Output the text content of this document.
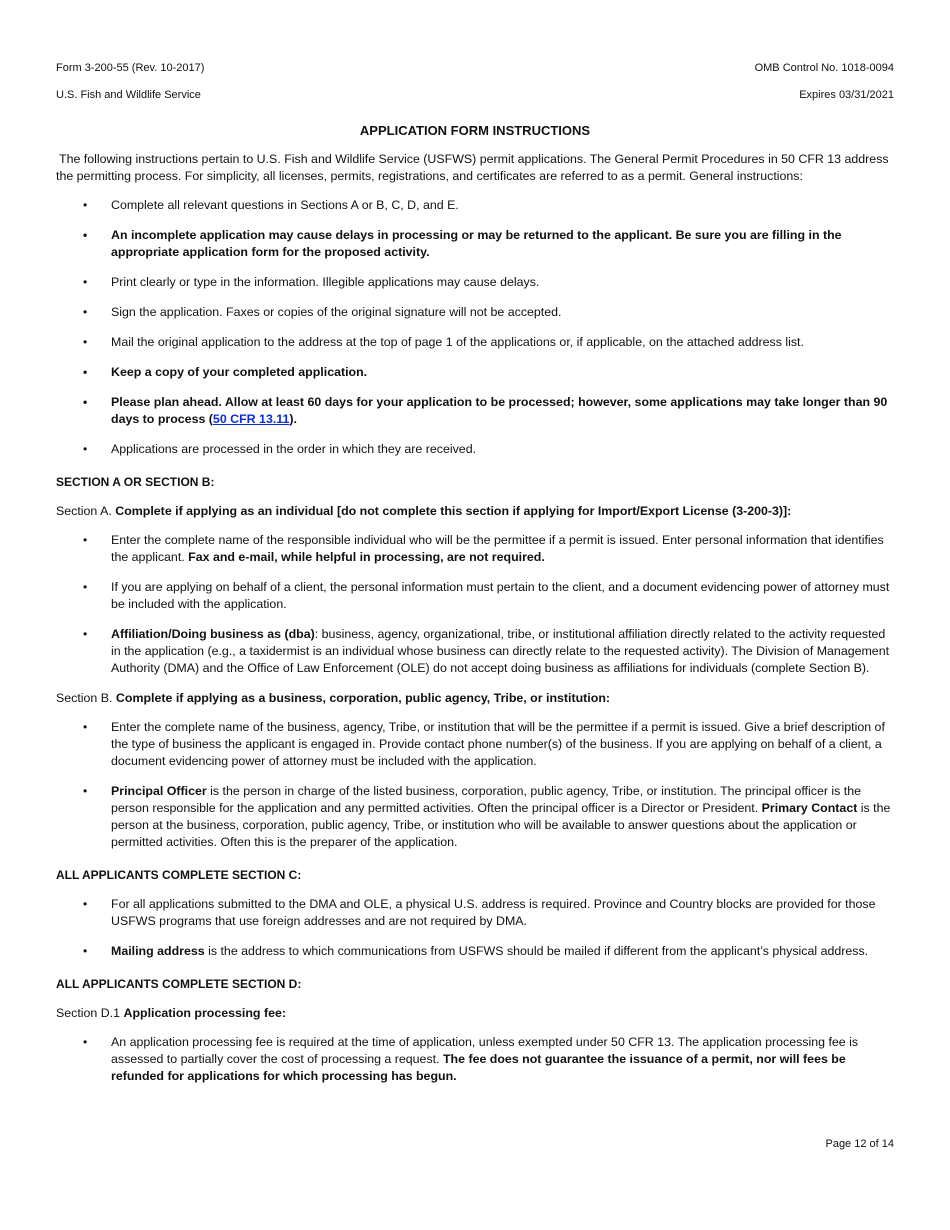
Form 3-200-55 (Rev. 10-2017)	OMB Control No. 1018-0094
U.S. Fish and Wildlife Service	Expires 03/31/2021
APPLICATION FORM INSTRUCTIONS

The following instructions pertain to U.S. Fish and Wildlife Service (USFWS) permit applications. The General Permit Procedures in 50 CFR 13 address the permitting process. For simplicity, all licenses, permits, registrations, and certificates are referred to as a permit. General instructions:

• Complete all relevant questions in Sections A or B, C, D, and E.
• An incomplete application may cause delays in processing or may be returned to the applicant. Be sure you are filling in the appropriate application form for the proposed activity.
• Print clearly or type in the information. Illegible applications may cause delays.
• Sign the application. Faxes or copies of the original signature will not be accepted.
• Mail the original application to the address at the top of page 1 of the applications or, if applicable, on the attached address list.
• Keep a copy of your completed application.
• Please plan ahead. Allow at least 60 days for your application to be processed; however, some applications may take longer than 90 days to process (50 CFR 13.11).
• Applications are processed in the order in which they are received.
SECTION A OR SECTION B:

Section A. Complete if applying as an individual [do not complete this section if applying for Import/Export License (3-200-3)]:

• Enter the complete name of the responsible individual who will be the permittee if a permit is issued. Enter personal information that identifies the applicant. Fax and e-mail, while helpful in processing, are not required.
• If you are applying on behalf of a client, the personal information must pertain to the client, and a document evidencing power of attorney must be included with the application.
• Affiliation/Doing business as (dba): business, agency, organizational, tribe, or institutional affiliation directly related to the activity requested in the application (e.g., a taxidermist is an individual whose business can directly relate to the requested activity). The Division of Management Authority (DMA) and the Office of Law Enforcement (OLE) do not accept doing business as affiliations for individuals (complete Section B).

Section B. Complete if applying as a business, corporation, public agency, Tribe, or institution:

• Enter the complete name of the business, agency, Tribe, or institution that will be the permittee if a permit is issued. Give a brief description of the type of business the applicant is engaged in. Provide contact phone number(s) of the business. If you are applying on behalf of a client, a document evidencing power of attorney must be included with the application.
• Principal Officer is the person in charge of the listed business, corporation, public agency, Tribe, or institution. The principal officer is the person responsible for the application and any permitted activities. Often the principal officer is a Director or President. Primary Contact is the person at the business, corporation, public agency, Tribe, or institution who will be available to answer questions about the application or permitted activities. Often this is the preparer of the application.
ALL APPLICANTS COMPLETE SECTION C:
• For all applications submitted to the DMA and OLE, a physical U.S. address is required. Province and Country blocks are provided for those USFWS programs that use foreign addresses and are not required by DMA.
• Mailing address is the address to which communications from USFWS should be mailed if different from the applicant’s physical address.
ALL APPLICANTS COMPLETE SECTION D:

Section D.1 Application processing fee:

• An application processing fee is required at the time of application, unless exempted under 50 CFR 13. The application processing fee is assessed to partially cover the cost of processing a request. The fee does not guarantee the issuance of a permit, nor will fees be refunded for applications for which processing has begun.
Page 12 of 14
